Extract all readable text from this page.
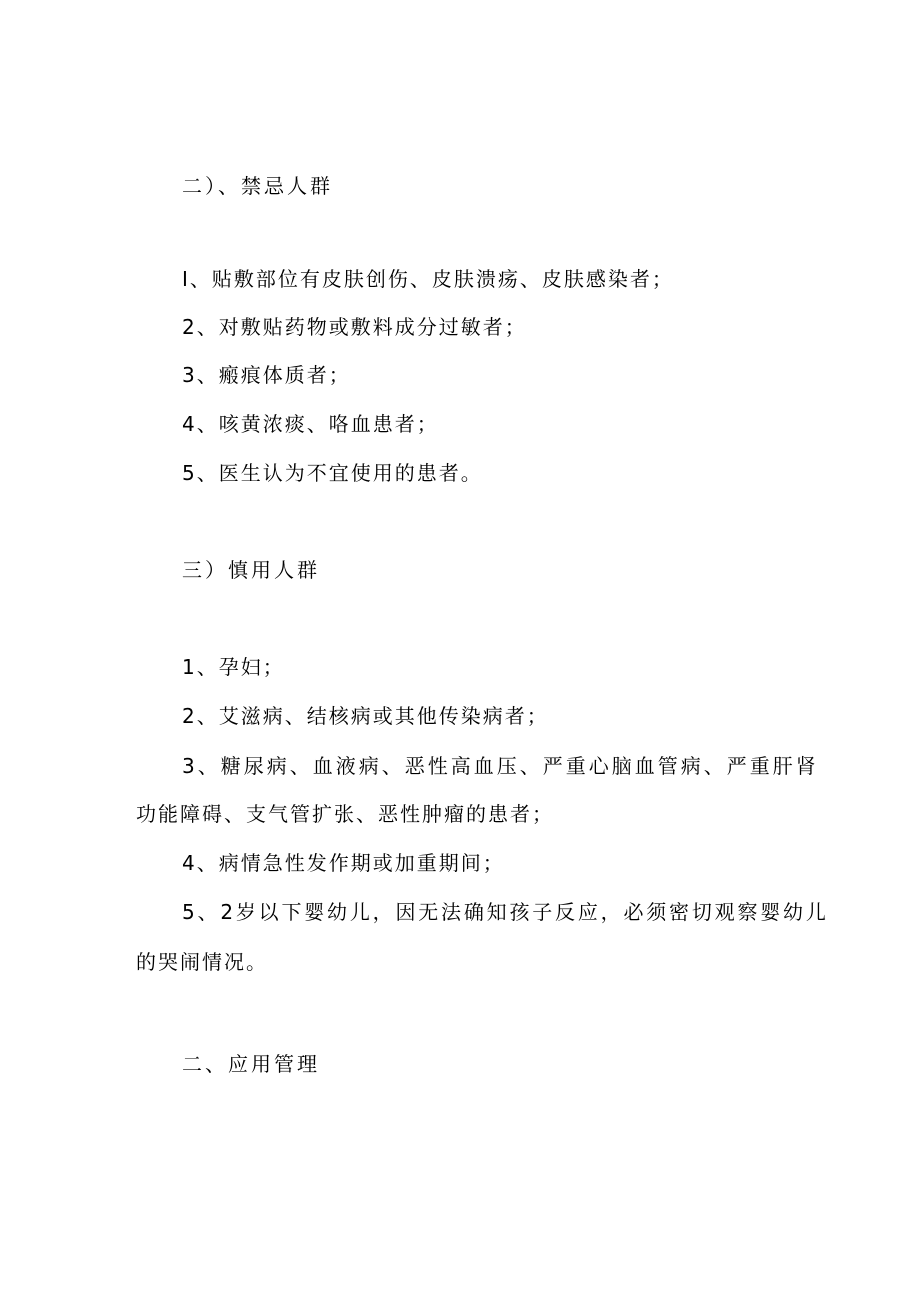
二）、禁忌人群
I、贴敷部位有皮肤创伤、皮肤溃疡、皮肤感染者；
2、对敷贴药物或敷料成分过敏者；
3、瘢痕体质者；
4、咳黄浓痰、咯血患者；
5、医生认为不宜使用的患者。
三）慎用人群
1、孕妇；
2、艾滋病、结核病或其他传染病者；
3、糖尿病、血液病、恶性高血压、严重心脑血管病、严重肝肾
功能障碍、支气管扩张、恶性肿瘤的患者；
4、病情急性发作期或加重期间；
5、2岁以下婴幼儿，因无法确知孩子反应，必须密切观察婴幼儿
的哭闹情况。
二、应用管理
